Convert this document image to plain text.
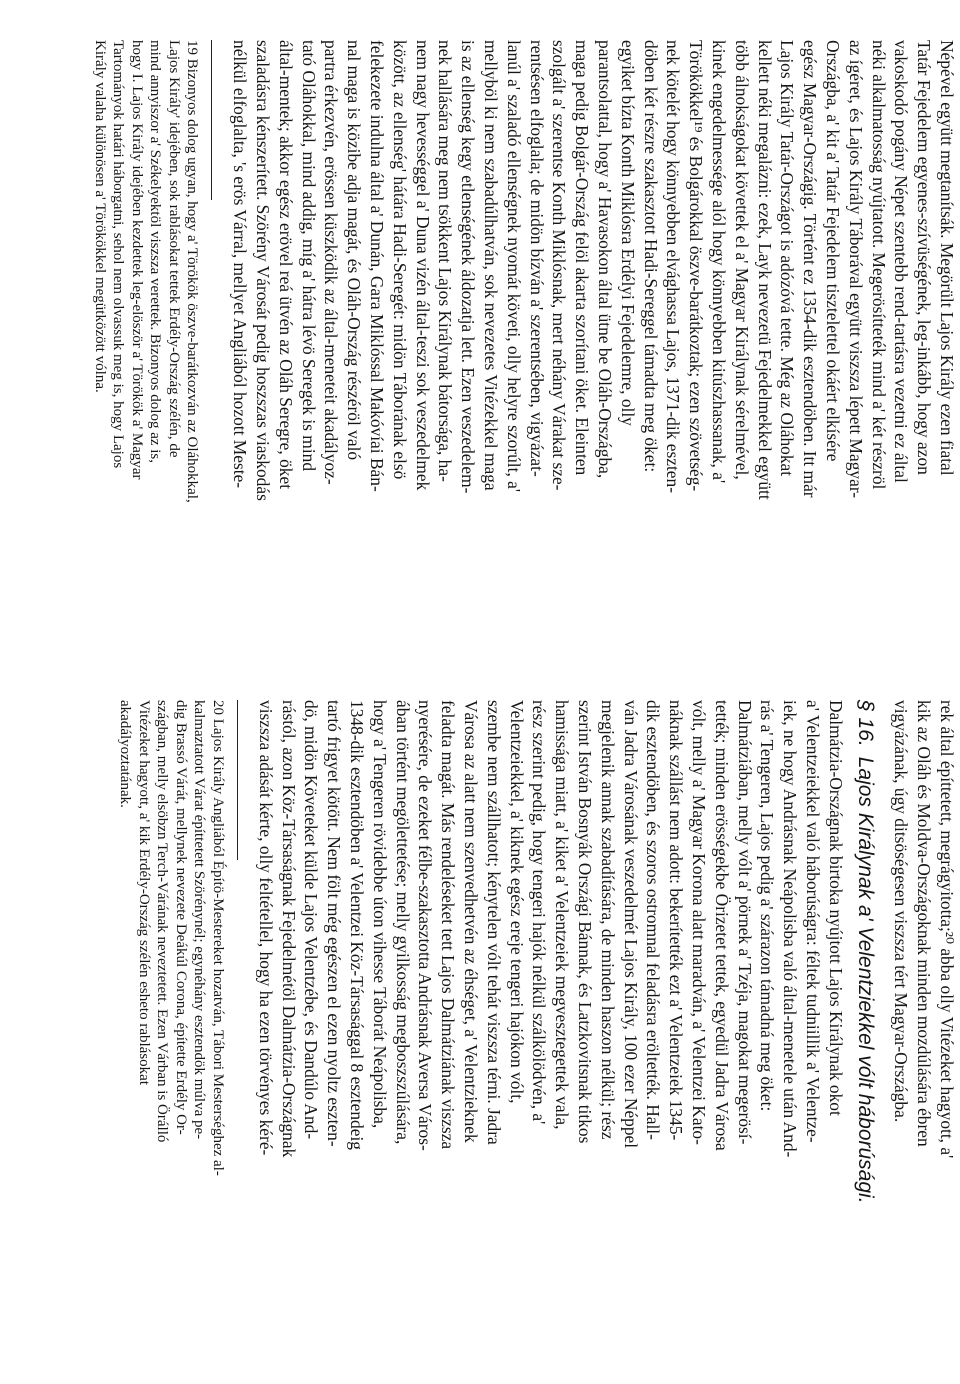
rek által építtetett, megrágyitotta;²⁰ abba olly Vitézeket hagyott, a'
kik az Oláh és Moldva-Országoknak minden mozdúlására ébren
vigyázának, úgy ditsöségesen viszsza tért Magyar-Országba.
§ 16.
Lajos Királynak a' Velentziekkel vólt háborúsági.
Dalmátzia-Országnak birtoka nyújtott Lajos Királynak okot
a' Velentzeiekkel való háborúságra: féltek tudniillik a' Velentze-
iek, ne hogy Andrásnak Neápolisba való által-menetele után And-
rás a' Tengeren, Lajos pedig a' szárazon támadná meg öket:
Dalmátziában, melly vólt a' pörnek a' Tzéja, magokat megerösí-
tették; minden erösségekbe Örizetet tettek, egyedül Jadra Városa
vólt, melly a' Magyar Korona alatt maradván, a' Velentzei Kato-
náknak szállást nem adott: bekerítették ezt a' Velentzeiek 1345-
dik esztendöben, és szoros ostromnal feladásra eröltették. Hall-
ván Jadra Városának veszedelmét Lajos Király, 100 ezer Néppel
megjelenik annak szabadítására, de minden haszon nélkül; rész
szerint István Bosnyák Országi Bánnak, és Latzkovitsnak titkos
hamissága miatt, a' kiket a' Velentzeiek megvesztegettek vala,
rész szerint pedig, hogy tengeri hajók nélkül szálkölödvén, a'
Velentzeiekkel, a' kiknek egész ereje tengeri hajókon vólt,
szembe nem szállhatott; kénytelen vólt tehát viszsza térni. Jadra
Városa az alatt nem szenvedhetvén az éhséget, a' Velentzieknek
feladta magát. Más rendeléseket tett Lajos Dalmátziának viszsza
nyerésére, de ezeket félbe-szakasztotta Andrásnak Aversa Város-
ában történt megölettetése; melly gyilkosság megboszszúlására,
hogy a' Tengeren rövidebbe úton vihesse Táborát Neápolisba,
1348-dik esztendöben a' Velentzei Köz-Társasággal 8 esztendeig
tartó frigyet kötött. Nem fölt még egészen el ezen nyoltz eszten-
dö, midön Követeket külde Lajos Velentzébe, és Dandúlo And-
rástól, azon Köz-Társaságnak Fejedelmétöl Dalmátzia-Országnak
viszsza adását kérte, olly feltétellel, hogy ha ezen törvényes kéré-
20 Lajos Király Angliából Építö-Mestereket hozatván, Tábori Mesterséghez al-
kalmaztatott Várat építtetett Szörénynél; egynéhány esztendök múlva pe-
dig Brassó Várát, mellynek nevezete Deákúl Corona, építette Erdély Or-
szágban, melly elsöbzn Terch-Várának neveztetett. Ezen Várban is Örálló
Vitézeket hagyott, a' kik Erdély-Ország szélén esheto rablásokat
akadályoztatának.
Népével együtt megtanítsák. Megörült Lajos Király ezen fiatal
Tatár Fejedelem egyenes-szívüségének, leg-inkább, hogy azon
vakoskodó pogány Népet szentebb rend-tartásra vezetni ez által
néki alkalmatosság nyújtatott. Megerösítteték mind a' két részröl
az ígéret, és Lajos Király Táborával együtt viszsza lépett Magyar-
Országba, a' kit a' Tatár Fejedelem tisztelettel okáért elkísére
egész Magyar-Országig. Történt ez 1354-dik esztendöben. Itt már
Lajos Király Tatár-Országot is adózóvá tette. Még az Oláhokat
kellett néki megalázni: ezek, Layk nevezetü Fejedelmekkel együtt
több álnokságokat követtek el a' Magyar Királynak sérelmével,
kinek engedelmessége alól hogy könnyebben kitúszhassanak, a'
Törökökkel¹⁹ és Bolgárokkal öszve-barátkoztak; ezen szövetség-
nek kötelét hogy könnyebben elvághassa Lajos, 1371-dik eszten-
döben két részre szakasztott Hadi-Sereggel támadta meg öket:
egyiket bízta Konth Miklósra Erdélyi Fejedelemre, olly
parantsolattal, hogy a' Havasokon által ütne be Oláh-Országba,
maga pedig Bolgár-Ország felöl akarta szorítani öket. Eleinten
szolgált a' szerentse Konth Miklósnak, mert néhány Várakat sze-
rentsésen elfoglala; de midön bízván a' szerentsében, vigyázat-
lanúl a' szaladó ellenségnek nyomát követi, olly helyre szorúlt, a'
mellyböl ki nem szabadúlhatván, sok nevezetes Vitézekkel maga
is az ellenség kegy etlenségének áldozatja lett. Ezen veszedelem-
nek hallására meg nem tsökkent Lajos Királynak bátorsága, ha-
nem nagy hevességgel a' Duna vizén által-teszi sok veszedelmek
között, az ellenség' hátára Hadi-Seregét: midön Táborának elsö
felekezete indulna által a' Dunán, Gara Miklóssal Makóvíai Bán-
nal maga is közibe adja magát, és Oláh-Ország részéröl való
partra érkezvén, erössen küszködik az által-meneteit akadályoz-
tató Oláhokkal, mind addig, míg a' hátra lévö Seregek is mind
által-mentek; akkor egész erövel reá ütvén az Oláh Seregre, öket
szaladásra kénszerített. Szörény Városát pedig hoszszas viaskodás
nélkül elfoglalta, 's erös Várral, mellyet Angliából hozott Meste-
19 Bizonyos dolog ugyan, hogy a' Törökök öszve-barátkozván az Oláhokkal,
Lajos Király' idejében, sok rablásokat tettek Erdély-Ország szélén, de
mind annyiszor a' Székelyektöl viszsza verettek. Bizonyos dolog az is,
hogy I. Lajos Király idejében kezdettek leg-elöször a' Törökök a' Magyar
Tartományok határi háborgatni, sehol nem olvassuk meg is, hogy Lajos
Király valaha különösen a' Törökökkel megütközött vólna.
